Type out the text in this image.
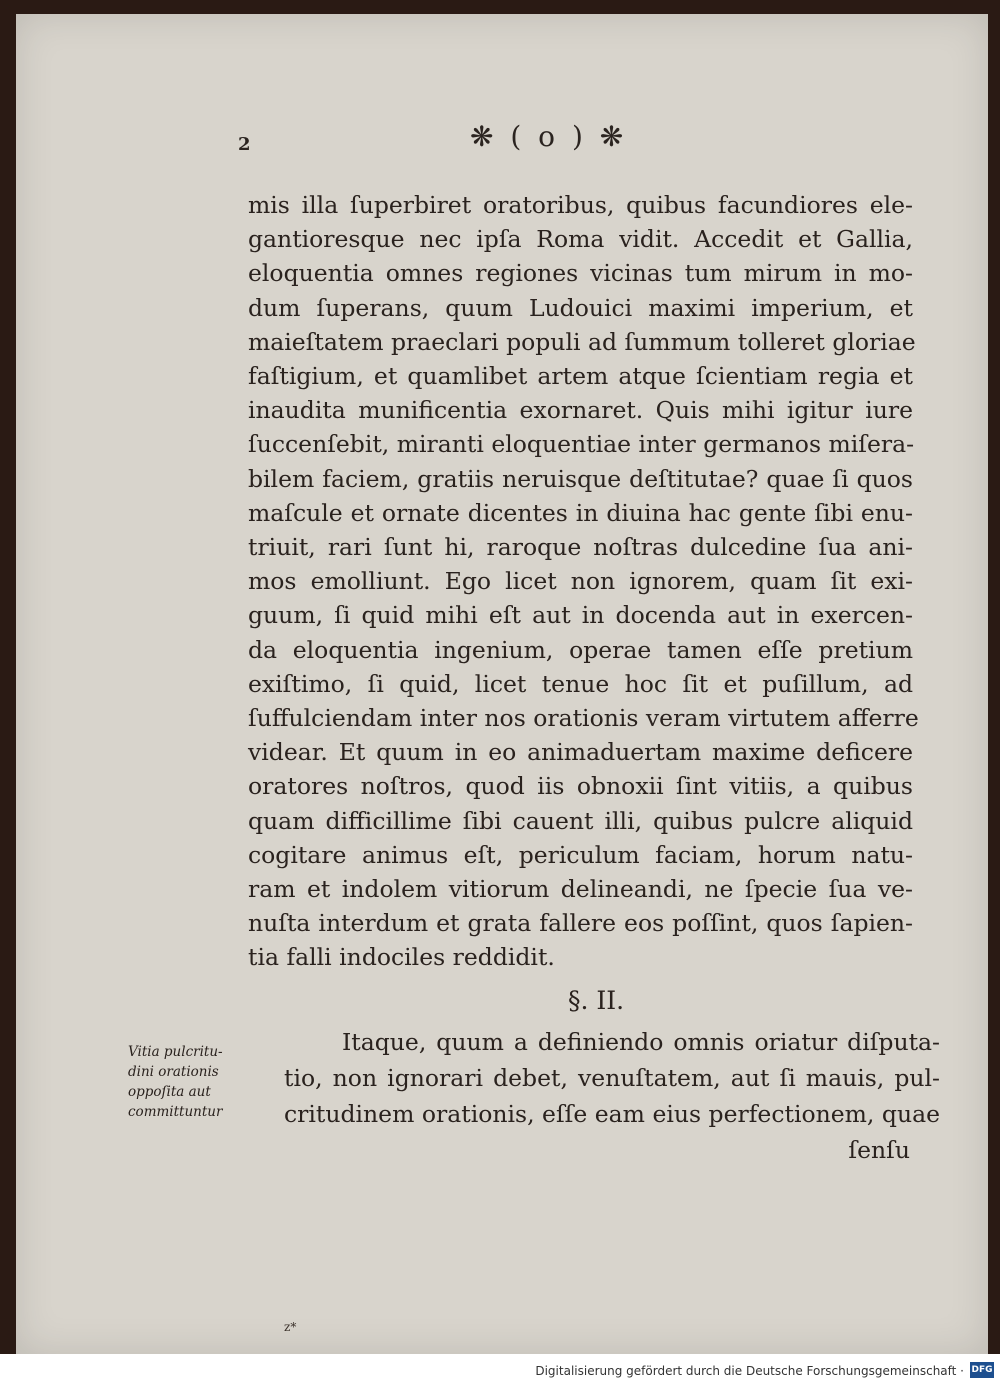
2	❋ ( o ) ❋
mis illa ſuperbiret oratoribus, quibus facundiores ele-
gantioresque nec ipſa Roma vidit. Accedit et Gallia,
eloquentia omnes regiones vicinas tum mirum in mo-
dum ſuperans, quum Ludouici maximi imperium, et
maieſtatem praeclari populi ad ſummum tolleret gloriae
faſtigium, et quamlibet artem atque ſcientiam regia et
inaudita munificentia exornaret. Quis mihi igitur iure
ſuccenſebit, miranti eloquentiae inter germanos miſera-
bilem faciem, gratiis neruisque deſtitutae? quae ſi quos
maſcule et ornate dicentes in diuina hac gente ſibi enu-
triuit, rari ſunt hi, raroque noſtras dulcedine ſua ani-
mos emolliunt. Ego licet non ignorem, quam ſit exi-
guum, ſi quid mihi eſt aut in docenda aut in exercen-
da eloquentia ingenium, operae tamen eſſe pretium
exiſtimo, ſi quid, licet tenue hoc ſit et puſillum, ad
ſuffulciendam inter nos orationis veram virtutem afferre
videar. Et quum in eo animaduertam maxime deficere
oratores noſtros, quod iis obnoxii ſint vitiis, a quibus
quam difficillime ſibi cauent illi, quibus pulcre aliquid
cogitare animus eſt, periculum faciam, horum natu-
ram et indolem vitiorum delineandi, ne ſpecie ſua ve-
nuſta interdum et grata fallere eos poſſint, quos ſapien-
tia falli indociles reddidit.
§. II.
Vitia pulcritu-
dini orationis
oppoſita aut
committuntur
Itaque, quum a definiendo omnis oriatur diſputa-
tio, non ignorari debet, venuſtatem, aut ſi mauis, pul-
critudinem orationis, eſſe eam eius perfectionem, quae
ſenſu
z*
Digitalisierung gefördert durch die Deutsche Forschungsgemeinschaft · DFG
